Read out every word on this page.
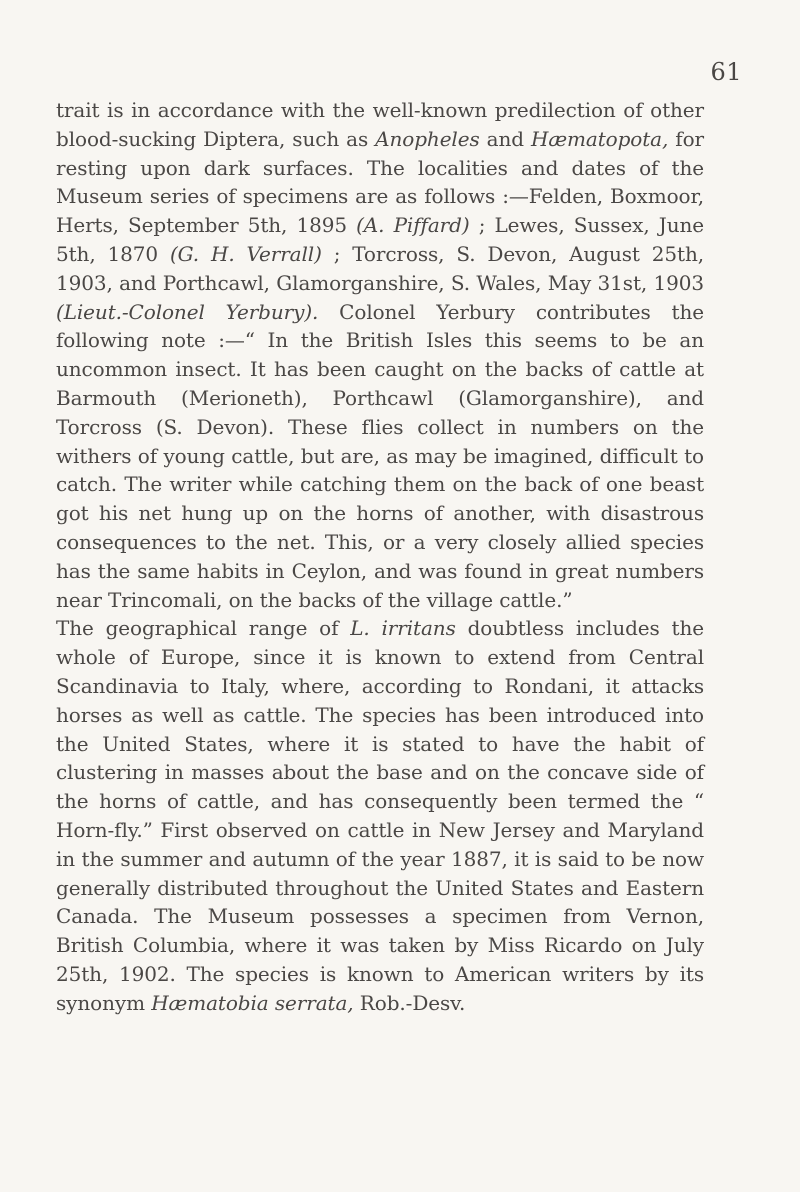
61

trait is in accordance with the well-known predilection of other blood-sucking Diptera, such as Anopheles and Hæmatopota, for resting upon dark surfaces. The localities and dates of the Museum series of specimens are as follows :—Felden, Boxmoor, Herts, September 5th, 1895 (A. Piffard) ; Lewes, Sussex, June 5th, 1870 (G. H. Verrall) ; Torcross, S. Devon, August 25th, 1903, and Porthcawl, Glamorganshire, S. Wales, May 31st, 1903 (Lieut.-Colonel Yerbury). Colonel Yerbury contributes the following note :—“ In the British Isles this seems to be an uncommon insect. It has been caught on the backs of cattle at Barmouth (Merioneth), Porthcawl (Glamorganshire), and Torcross (S. Devon). These flies collect in numbers on the withers of young cattle, but are, as may be imagined, difficult to catch. The writer while catching them on the back of one beast got his net hung up on the horns of another, with disastrous consequences to the net. This, or a very closely allied species has the same habits in Ceylon, and was found in great numbers near Trincomali, on the backs of the village cattle.”

The geographical range of L. irritans doubtless includes the whole of Europe, since it is known to extend from Central Scandinavia to Italy, where, according to Rondani, it attacks horses as well as cattle. The species has been introduced into the United States, where it is stated to have the habit of clustering in masses about the base and on the concave side of the horns of cattle, and has consequently been termed the “ Horn-fly.” First observed on cattle in New Jersey and Maryland in the summer and autumn of the year 1887, it is said to be now generally distributed throughout the United States and Eastern Canada. The Museum possesses a specimen from Vernon, British Columbia, where it was taken by Miss Ricardo on July 25th, 1902. The species is known to American writers by its synonym Hæmatobia serrata, Rob.-Desv.
